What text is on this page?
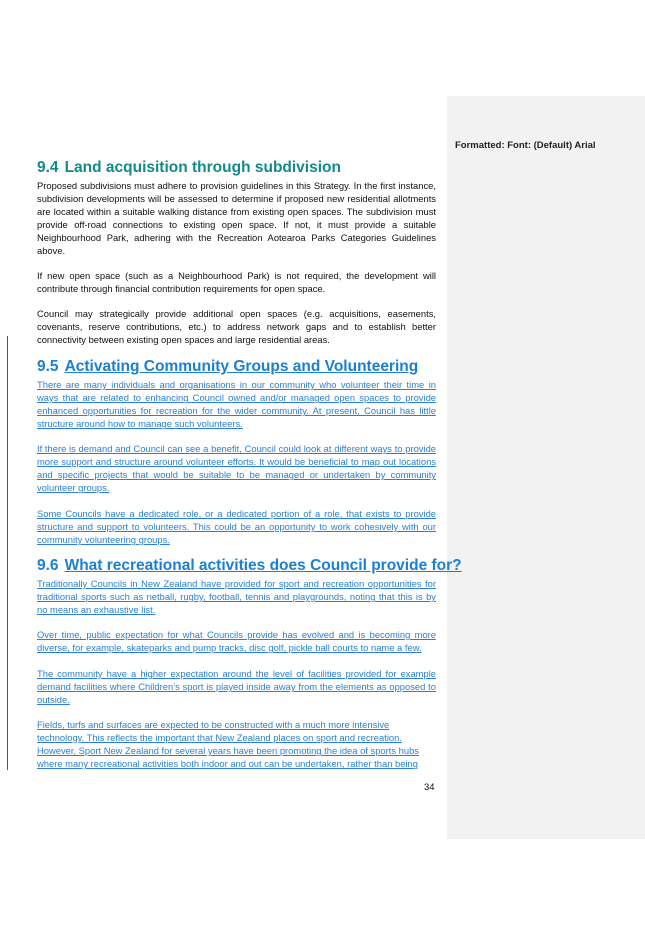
Formatted: Font: (Default) Arial
9.4 Land acquisition through subdivision

Proposed subdivisions must adhere to provision guidelines in this Strategy. In the first instance, subdivision developments will be assessed to determine if proposed new residential allotments are located within a suitable walking distance from existing open spaces. The subdivision must provide off-road connections to existing open space. If not, it must provide a suitable Neighbourhood Park, adhering with the Recreation Aotearoa Parks Categories Guidelines above.

If new open space (such as a Neighbourhood Park) is not required, the development will contribute through financial contribution requirements for open space.

Council may strategically provide additional open spaces (e.g. acquisitions, easements, covenants, reserve contributions, etc.) to address network gaps and to establish better connectivity between existing open spaces and large residential areas.

9.5 Activating Community Groups and Volunteering

There are many individuals and organisations in our community who volunteer their time in ways that are related to enhancing Council owned and/or managed open spaces to provide enhanced opportunities for recreation for the wider community. At present, Council has little structure around how to manage such volunteers.

If there is demand and Council can see a benefit, Council could look at different ways to provide more support and structure around volunteer efforts. It would be beneficial to map out locations and specific projects that would be suitable to be managed or undertaken by community volunteer groups.

Some Councils have a dedicated role, or a dedicated portion of a role, that exists to provide structure and support to volunteers. This could be an opportunity to work cohesively with our community volunteering groups.

9.6 What recreational activities does Council provide for?

Traditionally Councils in New Zealand have provided for sport and recreation opportunities for traditional sports such as netball, rugby, football, tennis and playgrounds, noting that this is by no means an exhaustive list.

Over time, public expectation for what Councils provide has evolved and is becoming more diverse, for example, skateparks and pump tracks, disc golf, pickle ball courts to name a few.

The community have a higher expectation around the level of facilities provided for example demand facilities where Children’s sport is played inside away from the elements as opposed to outside.

Fields, turfs and surfaces are expected to be constructed with a much more intensive technology. This reflects the important that New Zealand places on sport and recreation. However, Sport New Zealand for several years have been promoting the idea of sports hubs where many recreational activities both indoor and out can be undertaken, rather than being

34
